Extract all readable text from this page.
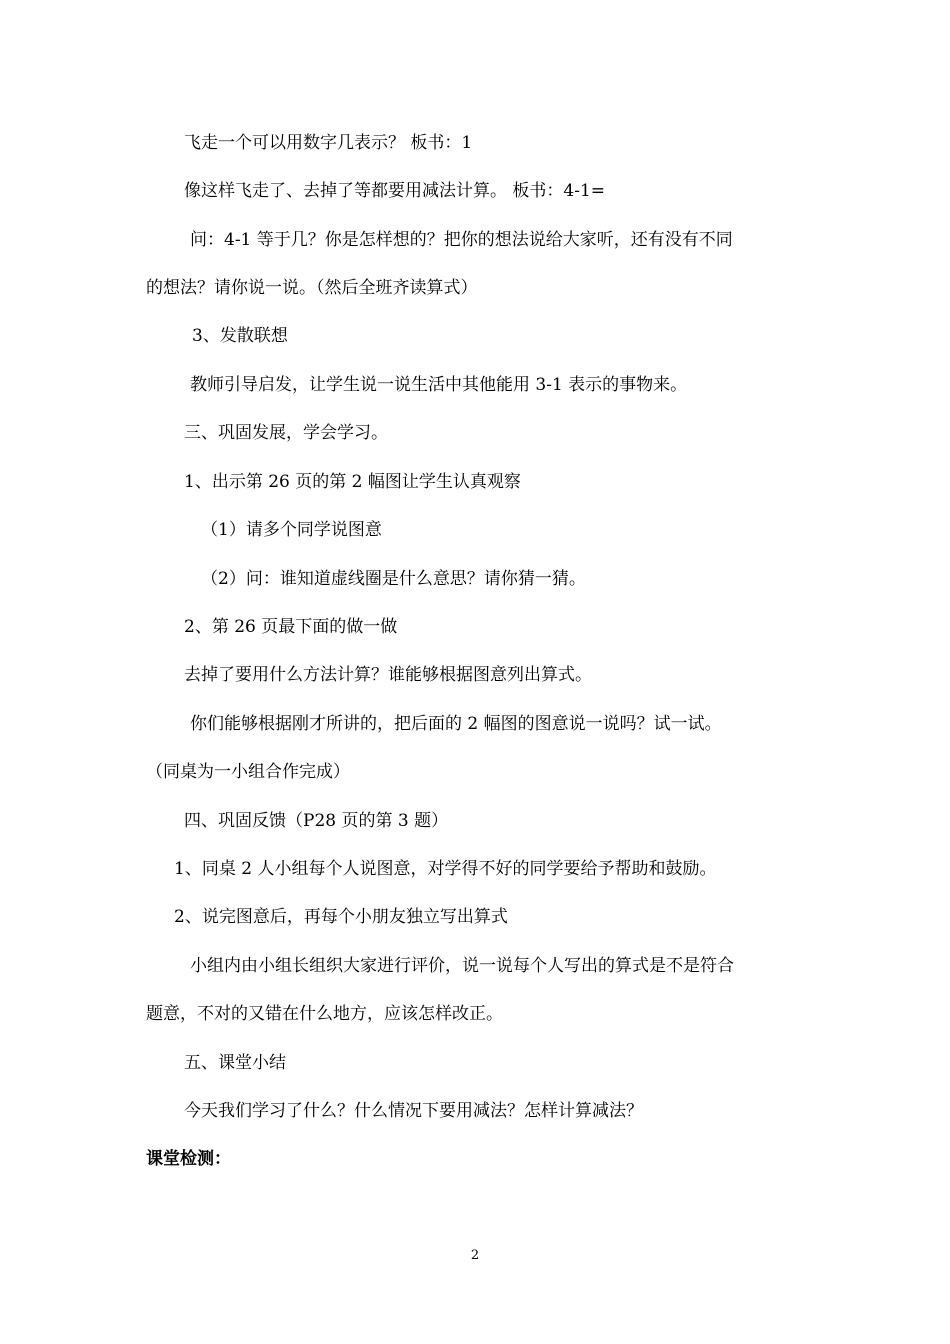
飞走一个可以用数字几表示？ 板书：1
像这样飞走了、去掉了等都要用减法计算。 板书：4-1=
问：4-1 等于几？你是怎样想的？把你的想法说给大家听，还有没有不同
的想法？请你说一说。（然后全班齐读算式）
3、发散联想
教师引导启发，让学生说一说生活中其他能用 3-1 表示的事物来。
三、巩固发展，学会学习。
1、出示第 26 页的第 2 幅图让学生认真观察
（1）请多个同学说图意
（2）问：谁知道虚线圈是什么意思？请你猜一猜。
2、第 26 页最下面的做一做
去掉了要用什么方法计算？谁能够根据图意列出算式。
你们能够根据刚才所讲的，把后面的 2 幅图的图意说一说吗？试一试。
（同桌为一小组合作完成）
四、巩固反馈（P28 页的第 3 题）
1、同桌 2 人小组每个人说图意，对学得不好的同学要给予帮助和鼓励。
2、说完图意后，再每个小朋友独立写出算式
小组内由小组长组织大家进行评价，说一说每个人写出的算式是不是符合
题意，不对的又错在什么地方，应该怎样改正。
五、课堂小结
今天我们学习了什么？什么情况下要用减法？怎样计算减法？
课堂检测：
2
